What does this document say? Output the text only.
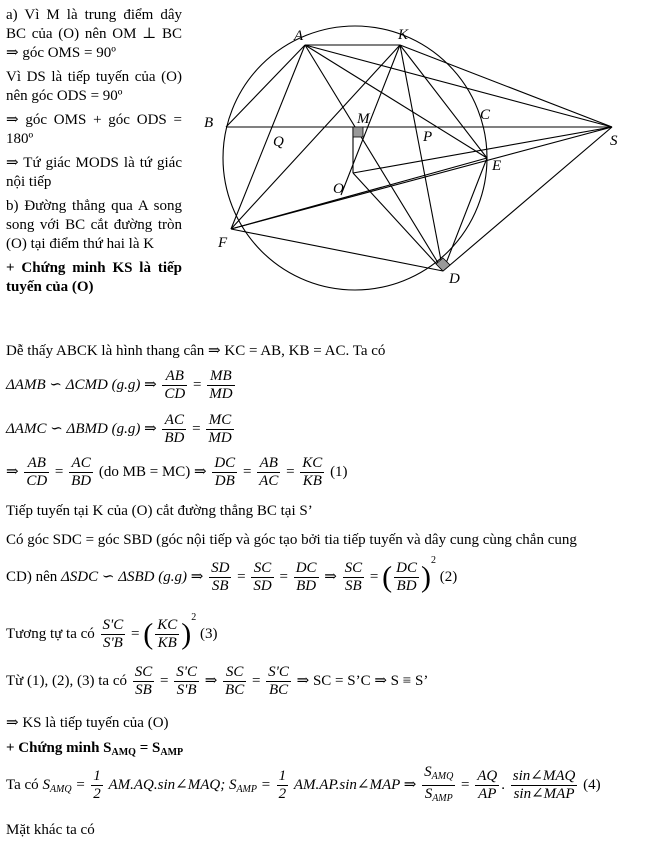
a) Vì M là trung điểm dây BC của (O) nên OM ⊥ BC ⇒ góc OMS = 90º

Vì DS là tiếp tuyến của (O) nên góc ODS = 90º

⇒ góc OMS + góc ODS = 180º

⇒ Tứ giác MODS là tứ giác nội tiếp

b) Đường thẳng qua A song song với BC cắt đường tròn (O) tại điểm thứ hai là K

+ Chứng minh KS là tiếp tuyến của (O)

A	K
B	C
M
Q	P	S
O
E
F
D
Dễ thấy ABCK là hình thang cân ⇒ KC = AB, KB = AC. Ta có
ΔAMB ∽ ΔCMD (g.g) ⇒ $\frac{AB}{CD} = \frac{MB}{MD}$
ΔAMC ∽ ΔBMD (g.g) ⇒ $\frac{AC}{BD} = \frac{MC}{MD}$
⇒ $\frac{AB}{CD} = \frac{AC}{BD} (do$ MB = MC) ⇒ $\frac{DC}{DB} = \frac{AB}{AC} = \frac{KC}{KB} (1)$
Tiếp tuyến tại K của (O) cắt đường thẳng BC tại S’
Có góc SDC = góc SBD (góc nội tiếp và góc tạo bởi tia tiếp tuyến và dây cung cùng chắn cung
CD) nên ΔSDC ∽ ΔSBD (g.g) ⇒ $\frac{SD}{SB} = \frac{SC}{SD} = \frac{DC}{BD}$ ⇒ $\frac{SC}{SB}$ = ( $\frac{DC}{BD} )^2$ (2)
Tương tự ta có $\frac{S'C}{S'B}$ = ( $\frac{KC}{KB} )^2$ (3)
Từ (1), (2), (3) ta có $\frac{SC}{SB} = \frac{S'C}{S'B}$ ⇒ $\frac{SC}{BC} = \frac{S'C}{BC}$ ⇒ SC = S’C ⇒ S ≡ S’
⇒ KS là tiếp tuyến của (O)
+ Chứng minh $S_{AMQ} = S_{AMP}$
Ta có $S_{AMQ} = \frac{1}{2}$ AM.AQ.sin∠MAQ; $S_{AMP} = \frac{1}{2}$ AM.AP.sin∠MAP ⇒ $\frac{S_{AMQ}}{S_{AMP}} = \frac{AQ}{AP}$ . $\frac{\text{sin∠MAQ}}{\text{sin∠MAP}} (4)$
Mặt khác ta có
